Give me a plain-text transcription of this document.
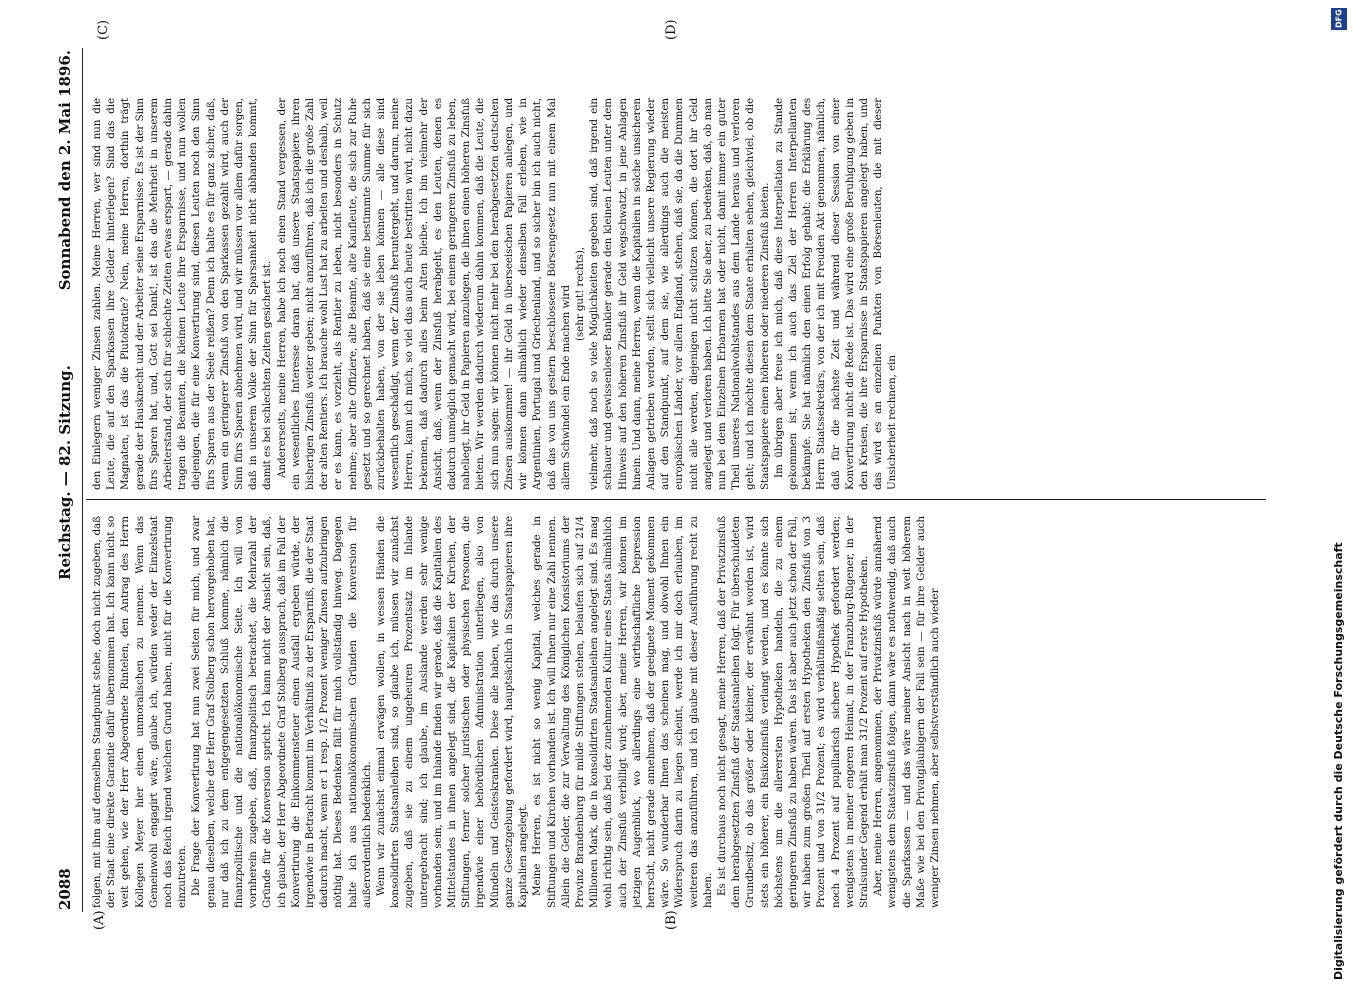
2088
Reichstag. — 82. Sitzung.
Sonnabend den 2. Mai 1896.
(A)	(B)
(C)	(D)

folgen, mit ihm auf demselben Standpunkt stehe, doch nicht zugeben, daß der Staat eine direkte Garantie dafür übernommen hat. Ich kann nicht so weit gehen, wie der Herr Abgeordnete Rintelen, den Antrag des Herrn Kollegen Meyer hier einen unmoralischen zu nennen. Wenn das Gemeinwohl engagirt wäre, glaube ich, würden weder der Einzelstaat noch das Reich irgend welchen Grund haben, nicht für die Konvertirung einzutreten. Die Frage der Konvertirung hat nun zwei Seiten für mich, und zwar genau dieselben, welche der Herr Graf Stolberg schon hervorgehoben hat, nur daß ich zu dem entgegengesetzten Schluß komme, nämlich die finanzpolitische und die nationalökonomische Seite. Ich will von vornherein zugeben, daß, finanzpolitisch betrachtet, die Mehrzahl der Gründe für die Konversion spricht. Ich kann nicht der Ansicht sein, daß, ich glaube, der Herr Abgeordnete Graf Stolberg aussprach, daß im Fall der Konvertirung die Einkommensteuer einen Ausfall ergeben würde, der irgendwie in Betracht kommt im Verhältniß zu der Ersparniß, die der Staat dadurch macht, wenn er 1 resp. 1/2 Prozent weniger Zinsen aufzubringen nöthig hat. Dieses Bedenken fällt für mich vollständig hinweg. Dagegen halte ich aus nationalökonomischen Gründen die Konversion für außerordentlich bedenklich. Wenn wir zunächst einmal erwägen wollen, in wessen Händen die konsolidirten Staatsanleihen sind, so glaube ich, müssen wir zunächst zugeben, daß sie zu einem ungeheuren Prozentsatz im Inlande untergebracht sind; ich glaube, im Auslande werden sehr wenige vorhanden sein, und im Inlande finden wir gerade, daß die Kapitalien des Mittelstandes in ihnen angelegt sind, die Kapitalien der Kirchen, der Stiftungen, ferner solcher juristischen oder physischen Personen, die irgendwie einer behördlichen Administration unterliegen, also von Mündeln und Geisteskranken. Diese alle haben, wie das durch unsere ganze Gesetzgebung gefordert wird, hauptsächlich in Staatspapieren ihre Kapitalien angelegt. Meine Herren, es ist nicht so wenig Kapital, welches gerade in Stiftungen und Kirchen vorhanden ist. Ich will Ihnen nur eine Zahl nennen. Allein die Gelder, die zur Verwaltung des Königlichen Konsistoriums der Provinz Brandenburg für milde Stiftungen stehen, belaufen sich auf 21/4 Millionen Mark, die in konsolidirten Staatsanleihen angelegt sind. Es mag wohl richtig sein, daß bei der zunehmenden Kultur eines Staats allmählich auch der Zinsfuß verbilligt wird; aber, meine Herren, wir können im jetzigen Augenblick, wo allerdings eine wirthschaftliche Depression herrscht, nicht gerade annehmen, daß der geeignete Moment gekommen wäre. So wunderbar Ihnen das scheinen mag, und obwohl Ihnen ein Widerspruch darin zu liegen scheint, werde ich mir doch erlauben, im weiteren das anzuführen, und ich glaube mit dieser Ausführung recht zu haben. Es ist durchaus noch nicht gesagt, meine Herren, daß der Privatzinsfuß dem herabgesetzten Zinsfuß der Staatsanleihen folgt. Für überschuldeten Grundbesitz, ob das größer oder kleiner, der erwähnt worden ist, wird stets ein höherer, ein Risikozinsfuß verlangt werden, und es könnte sich höchstens um die allerersten Hypotheken handeln, die zu einem geringeren Zinsfuß zu haben wären. Das ist aber auch jetzt schon der Fall, wir haben zum großen Theil auf ersten Hypotheken den Zinsfuß von 3 Prozent und von 31/2 Prozent; es wird verhältnißmäßig selten sein, daß noch 4 Prozent auf pupillarisch sichere Hypothek gefordert werden; wenigstens in meiner engeren Heimat, in der Franzburg-Rügener, in der Stralsunder Gegend erhält man 31/2 Prozent auf erste Hypotheken. Aber, meine Herren, angenommen, der Privatzinsfuß würde annähernd wenigstens dem Staatszinsfuß folgen, dann wäre es nothwendig, daß auch die Sparkassen — und das wäre meiner Ansicht nach in weit höherem Maße wie bei den Privatgläubigern der Fall sein — für ihre Gelder auch weniger Zinsen nehmen, aber selbstverständlich auch wieder

den Einlegern weniger Zinsen zahlen. Meine Herren, wer sind nun die Leute, die auf den Sparkassen ihre Gelder hinterlegen? Sind das die Magnaten, ist das die Plutokratie? Nein, meine Herren, dorthin trägt gerade der Hausknecht und der Arbeiter seine Ersparnisse. Es ist der Sinn fürs Sparen hat, und, Gott sei Dank!, ist das die Mehrheit in unserem Arbeiterstand, der sich für schlechte Zeiten etwas erspart, — gerade dahin tragen die Beamten, die kleinen Leute ihre Ersparnisse, und nun wollen diejenigen, die für eine Konvertirung sind, diesen Leuten noch den Sinn fürs Sparen aus der Seele reißen? Denn ich halte es für ganz sicher, daß, wenn ein geringerer Zinsfuß von den Sparkassen gezahlt wird, auch der Sinn fürs Sparen abnehmen wird, und wir müssen vor allem dafür sorgen, daß in unserem Volke der Sinn für Sparsamkeit nicht abhanden kommt, damit es bei schlechten Zeiten gesichert ist. Andererseits, meine Herren, habe ich noch einen Stand vergessen, der ein wesentliches Interesse daran hat, daß unsere Staatspapiere ihren bisherigen Zinsfuß weiter geben; nicht anzuführen, daß ich die große Zahl der alten Rentiers. Ich brauche wohl Lust hat zu arbeiten und deshalb, weil er es kann, es vorzieht, als Rentier zu leben, nicht besonders in Schutz nehme; aber alte Offiziere, alte Beamte, alte Kaufleute, die sich zur Ruhe gesetzt und so gerechnet haben, daß sie eine bestimmte Summe für sich zurückbehalten haben, von der sie leben können — alle diese sind wesentlich geschädigt, wenn der Zinsfuß heruntergeht, und darum, meine Herren, kann ich mich, so viel das auch heute bestritten wird, nicht dazu bekennen, daß dadurch alles beim Alten bleibe. Ich bin vielmehr der Ansicht, daß, wenn der Zinsfuß herabgeht, es den Leuten, denen es dadurch unmöglich gemacht wird, bei einem geringeren Zinsfuß zu leben, naheliegt, ihr Geld in Papieren anzulegen, die ihnen einen höheren Zinsfuß bieten. Wir werden dadurch wiederum dahin kommen, daß die Leute, die sich nun sagen: wir können nicht mehr bei den herabgesetzten deutschen Zinsen auskommen! — ihr Geld in überseeischen Papieren anlegen, und wir können dann allmählich wieder denselben Fall erleben, wie in Argentinien, Portugal und Griechenland, und so sicher bin ich auch nicht, daß das von uns gestern beschlossene Börsengesetz nun mit einem Mal allem Schwindel ein Ende machen wird (sehr gut! rechts), vielmehr, daß noch so viele Möglichkeiten gegeben sind, daß irgend ein schlauer und gewissenloser Bankier gerade den kleinen Leuten unter dem Hinweis auf den höheren Zinsfuß ihr Geld wegschwatzt, in jene Anlagen hinein. Und dann, meine Herren, wenn die Kapitalien in solche unsicheren Anlagen getrieben werden, stellt sich vielleicht unsere Regierung wieder auf den Standpunkt, auf dem sie, wie allerdings auch die meisten europäischen Länder, vor allem England, stehen, daß sie, da die Dummen nicht alle werden, diejenigen nicht schützen können, die dort ihr Geld angelegt und verloren haben. Ich bitte Sie aber, zu bedenken, daß, ob man nun bei dem Einzelnen Erbarmen hat oder nicht, damit immer ein guter Theil unseres Nationalwohlstandes aus dem Lande heraus und verloren geht; und ich möchte diesen dem Staate erhalten sehen, gleichviel, ob die Staatspapiere einen höheren oder niederen Zinsfuß bieten. Im übrigen aber freue ich mich, daß diese Interpellation zu Stande gekommen ist, wenn ich auch das Ziel der Herren Interpellanten bekämpfe. Sie hat nämlich den einen Erfolg gehabt: die Erklärung des Herrn Staatssekretärs, von der ich mit Freuden Akt genommen, nämlich, daß für die nächste Zeit und während dieser Session von einer Konvertirung nicht die Rede ist. Das wird eine große Beruhigung geben in den Kreisen, die ihre Ersparnisse in Staatspapieren angelegt haben, und das wird es an einzelnen Punkten von Börsenleuten, die mit dieser Unsicherheit rechnen, ein

Digitalisierung gefördert durch die Deutsche Forschungsgemeinschaft
DFG
